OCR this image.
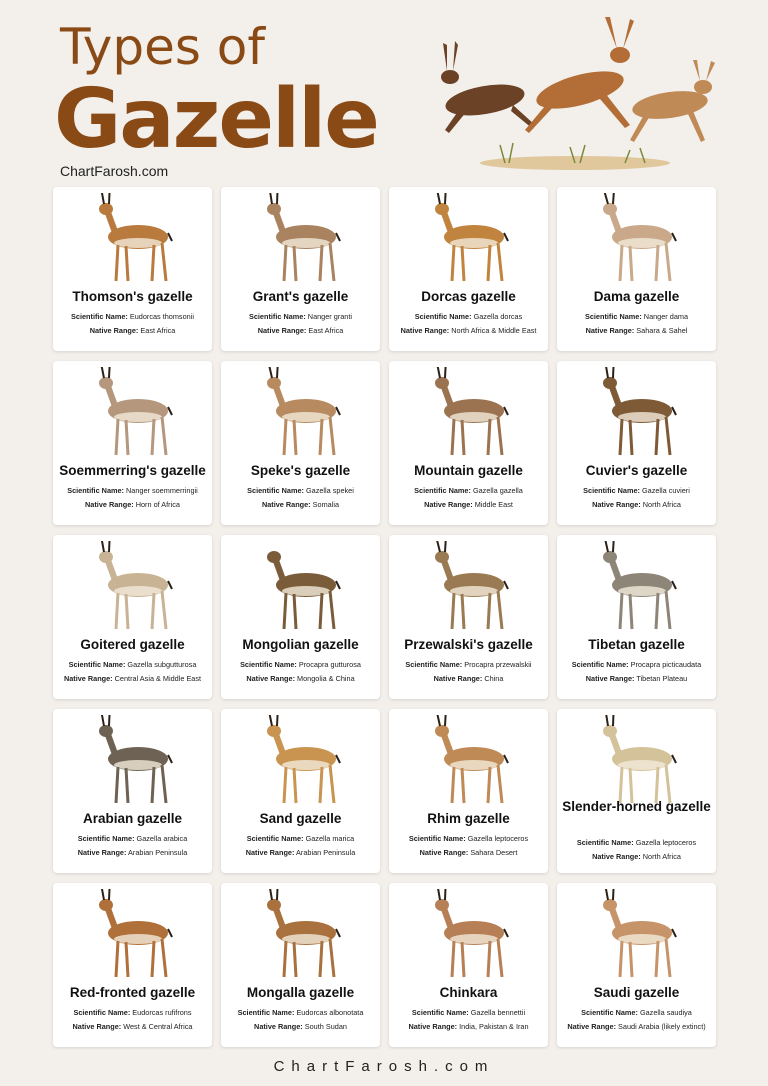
Types of
Gazelle
ChartFarosh.com
Thomson's gazelle
Scientific Name: Eudorcas thomsonii
Native Range: East Africa
Grant's gazelle
Scientific Name: Nanger granti
Native Range: East Africa
Dorcas gazelle
Scientific Name: Gazella dorcas
Native Range: North Africa & Middle East
Dama gazelle
Scientific Name: Nanger dama
Native Range: Sahara & Sahel
Soemmerring's gazelle
Scientific Name: Nanger soemmerringii
Native Range: Horn of Africa
Speke's gazelle
Scientific Name: Gazella spekei
Native Range: Somalia
Mountain gazelle
Scientific Name: Gazella gazella
Native Range: Middle East
Cuvier's gazelle
Scientific Name: Gazella cuvieri
Native Range: North Africa
Goitered gazelle
Scientific Name: Gazella subgutturosa
Native Range: Central Asia & Middle East
Mongolian gazelle
Scientific Name: Procapra gutturosa
Native Range: Mongolia & China
Przewalski's gazelle
Scientific Name: Procapra przewalskii
Native Range: China
Tibetan gazelle
Scientific Name: Procapra picticaudata
Native Range: Tibetan Plateau
Arabian gazelle
Scientific Name: Gazella arabica
Native Range: Arabian Peninsula
Sand gazelle
Scientific Name: Gazella marica
Native Range: Arabian Peninsula
Rhim gazelle
Scientific Name: Gazella leptoceros
Native Range: Sahara Desert
Slender-horned gazelle
Scientific Name: Gazella leptoceros
Native Range: North Africa
Red-fronted gazelle
Scientific Name: Eudorcas rufifrons
Native Range: West & Central Africa
Mongalla gazelle
Scientific Name: Eudorcas albonotata
Native Range: South Sudan
Chinkara
Scientific Name: Gazella bennettii
Native Range: India, Pakistan & Iran
Saudi gazelle
Scientific Name: Gazella saudiya
Native Range: Saudi Arabia (likely extinct)
ChartFarosh.com
